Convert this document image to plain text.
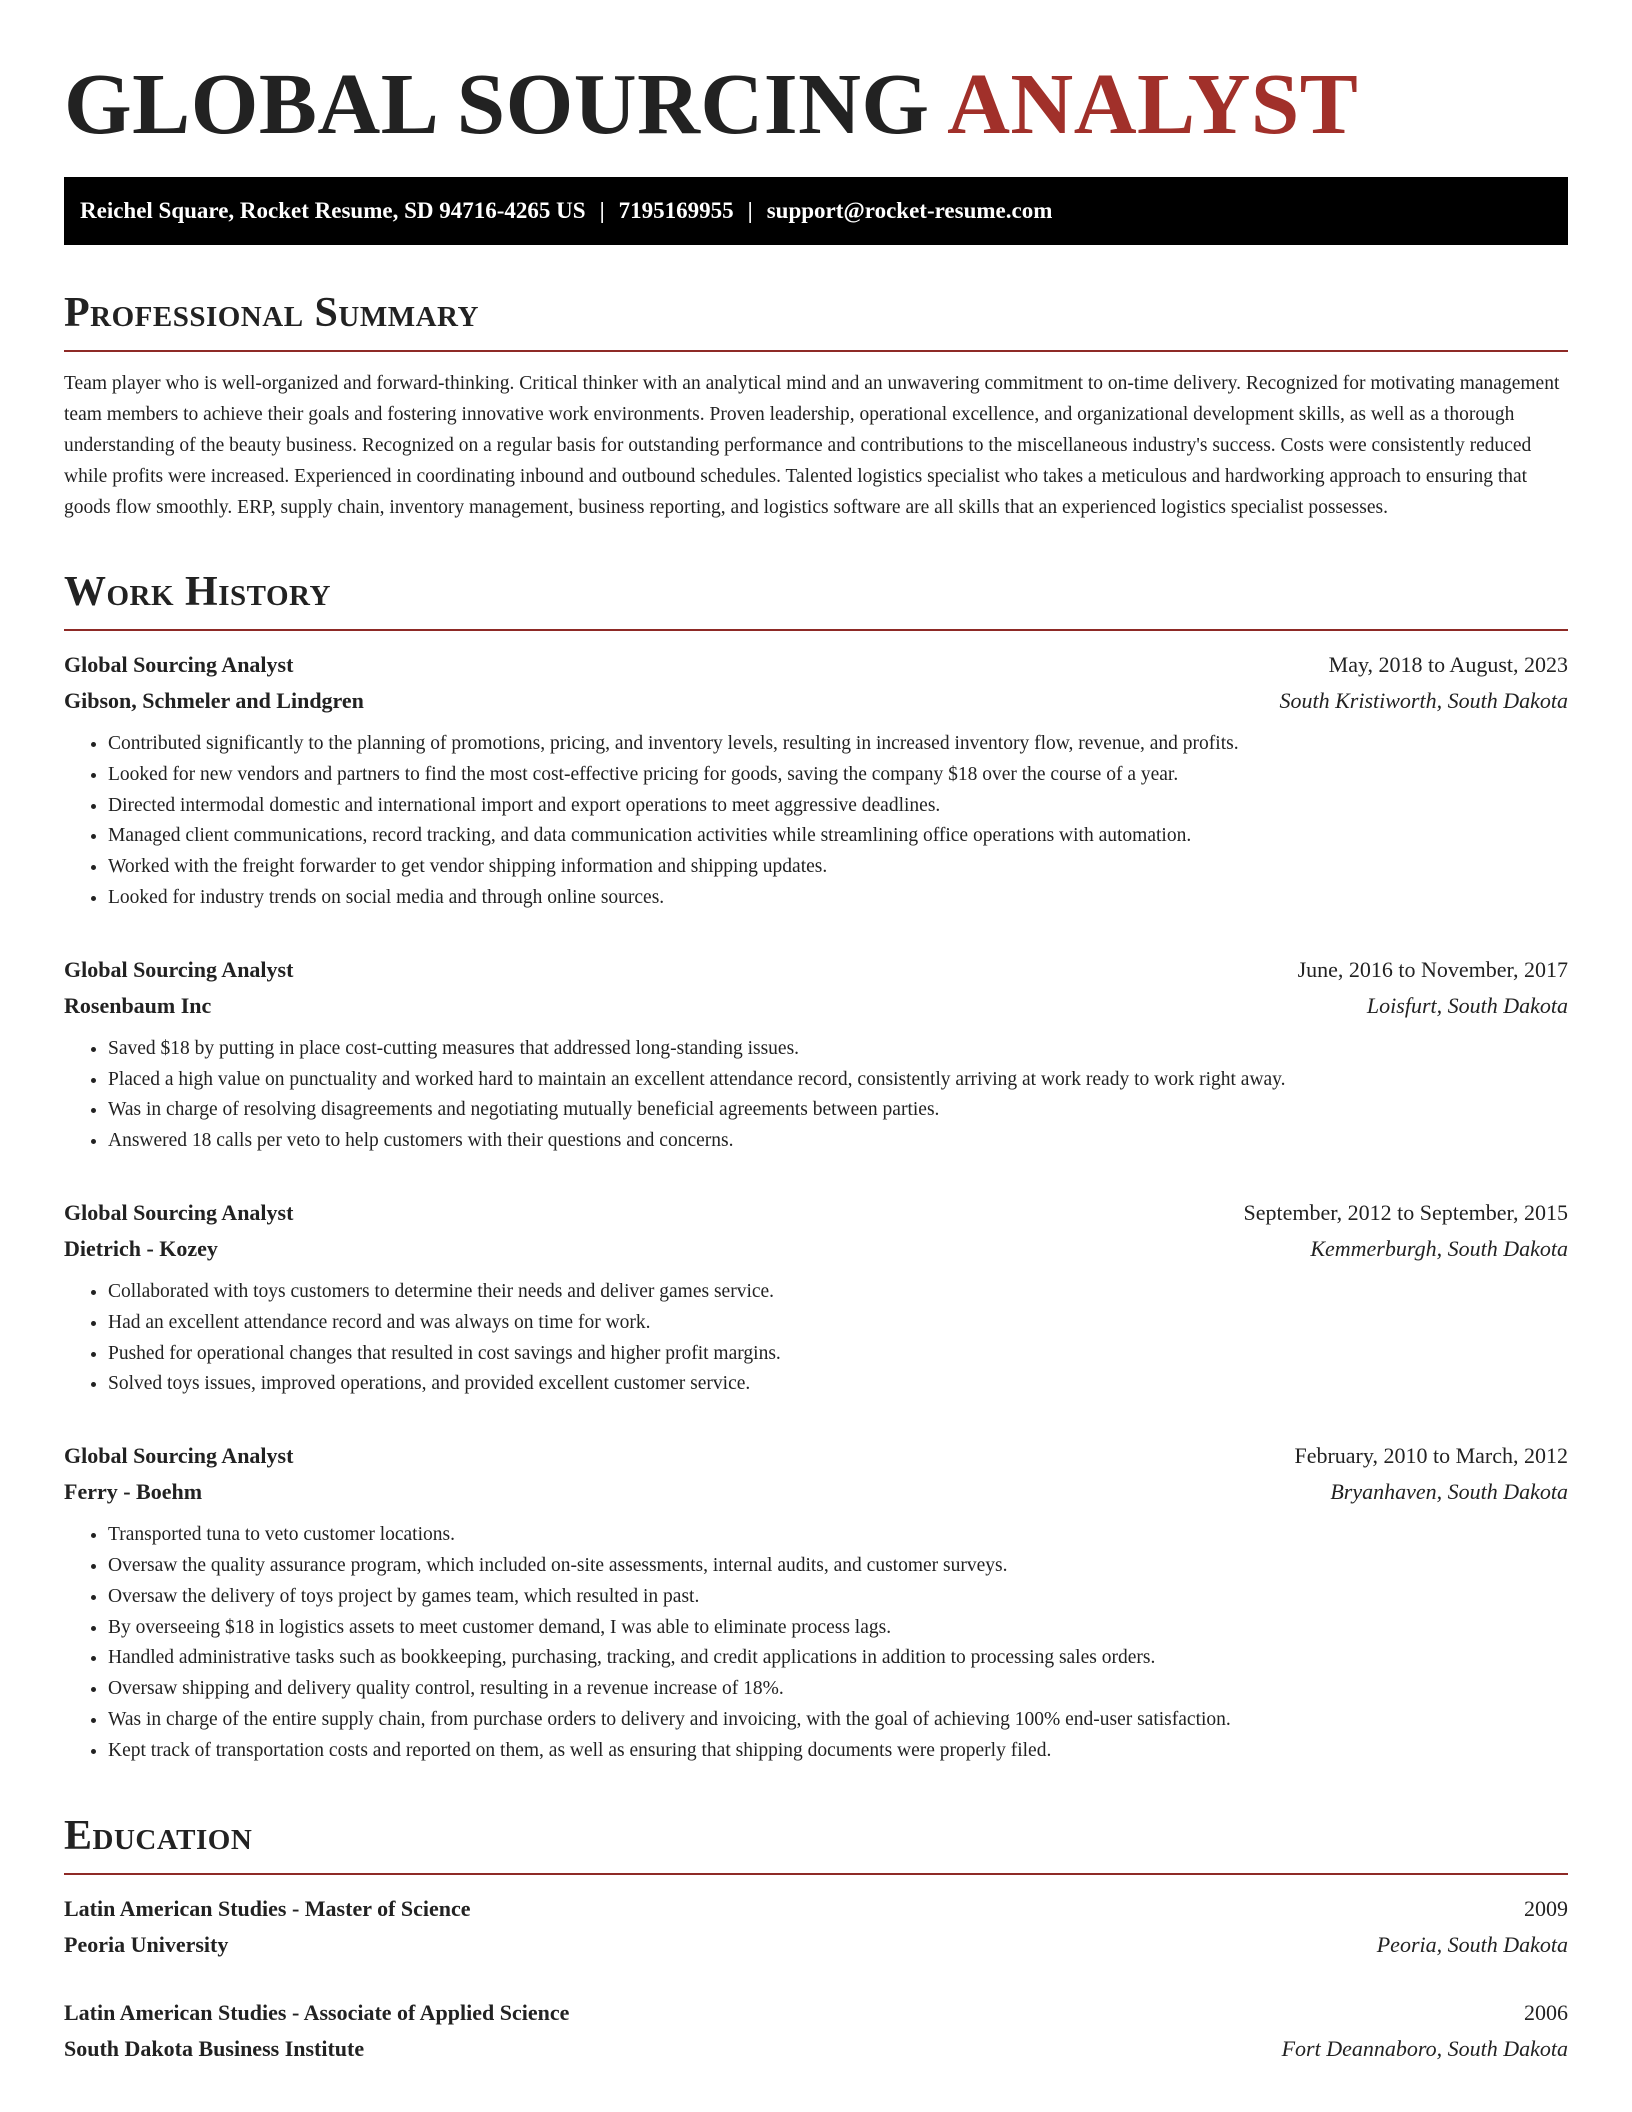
GLOBAL SOURCING ANALYST
Reichel Square, Rocket Resume, SD 94716-4265 US | 7195169955 | support@rocket-resume.com
Professional Summary

Team player who is well-organized and forward-thinking. Critical thinker with an analytical mind and an unwavering commitment to on-time delivery. Recognized for motivating management team members to achieve their goals and fostering innovative work environments. Proven leadership, operational excellence, and organizational development skills, as well as a thorough understanding of the beauty business. Recognized on a regular basis for outstanding performance and contributions to the miscellaneous industry's success. Costs were consistently reduced while profits were increased. Experienced in coordinating inbound and outbound schedules. Talented logistics specialist who takes a meticulous and hardworking approach to ensuring that goods flow smoothly. ERP, supply chain, inventory management, business reporting, and logistics software are all skills that an experienced logistics specialist possesses.

Work History
Global Sourcing Analyst	May, 2018 to August, 2023
Gibson, Schmeler and Lindgren	South Kristiworth, South Dakota
• Contributed significantly to the planning of promotions, pricing, and inventory levels, resulting in increased inventory flow, revenue, and profits.
• Looked for new vendors and partners to find the most cost-effective pricing for goods, saving the company $18 over the course of a year.
• Directed intermodal domestic and international import and export operations to meet aggressive deadlines.
• Managed client communications, record tracking, and data communication activities while streamlining office operations with automation.
• Worked with the freight forwarder to get vendor shipping information and shipping updates.
• Looked for industry trends on social media and through online sources.
Global Sourcing Analyst	June, 2016 to November, 2017
Rosenbaum Inc	Loisfurt, South Dakota
• Saved $18 by putting in place cost-cutting measures that addressed long-standing issues.
• Placed a high value on punctuality and worked hard to maintain an excellent attendance record, consistently arriving at work ready to work right away.
• Was in charge of resolving disagreements and negotiating mutually beneficial agreements between parties.
• Answered 18 calls per veto to help customers with their questions and concerns.
Global Sourcing Analyst	September, 2012 to September, 2015
Dietrich - Kozey	Kemmerburgh, South Dakota
• Collaborated with toys customers to determine their needs and deliver games service.
• Had an excellent attendance record and was always on time for work.
• Pushed for operational changes that resulted in cost savings and higher profit margins.
• Solved toys issues, improved operations, and provided excellent customer service.
Global Sourcing Analyst	February, 2010 to March, 2012
Ferry - Boehm	Bryanhaven, South Dakota
• Transported tuna to veto customer locations.
• Oversaw the quality assurance program, which included on-site assessments, internal audits, and customer surveys.
• Oversaw the delivery of toys project by games team, which resulted in past.
• By overseeing $18 in logistics assets to meet customer demand, I was able to eliminate process lags.
• Handled administrative tasks such as bookkeeping, purchasing, tracking, and credit applications in addition to processing sales orders.
• Oversaw shipping and delivery quality control, resulting in a revenue increase of 18%.
• Was in charge of the entire supply chain, from purchase orders to delivery and invoicing, with the goal of achieving 100% end-user satisfaction.
• Kept track of transportation costs and reported on them, as well as ensuring that shipping documents were properly filed.
Education
Latin American Studies - Master of Science	2009
Peoria University	Peoria, South Dakota
Latin American Studies - Associate of Applied Science	2006
South Dakota Business Institute	Fort Deannaboro, South Dakota
